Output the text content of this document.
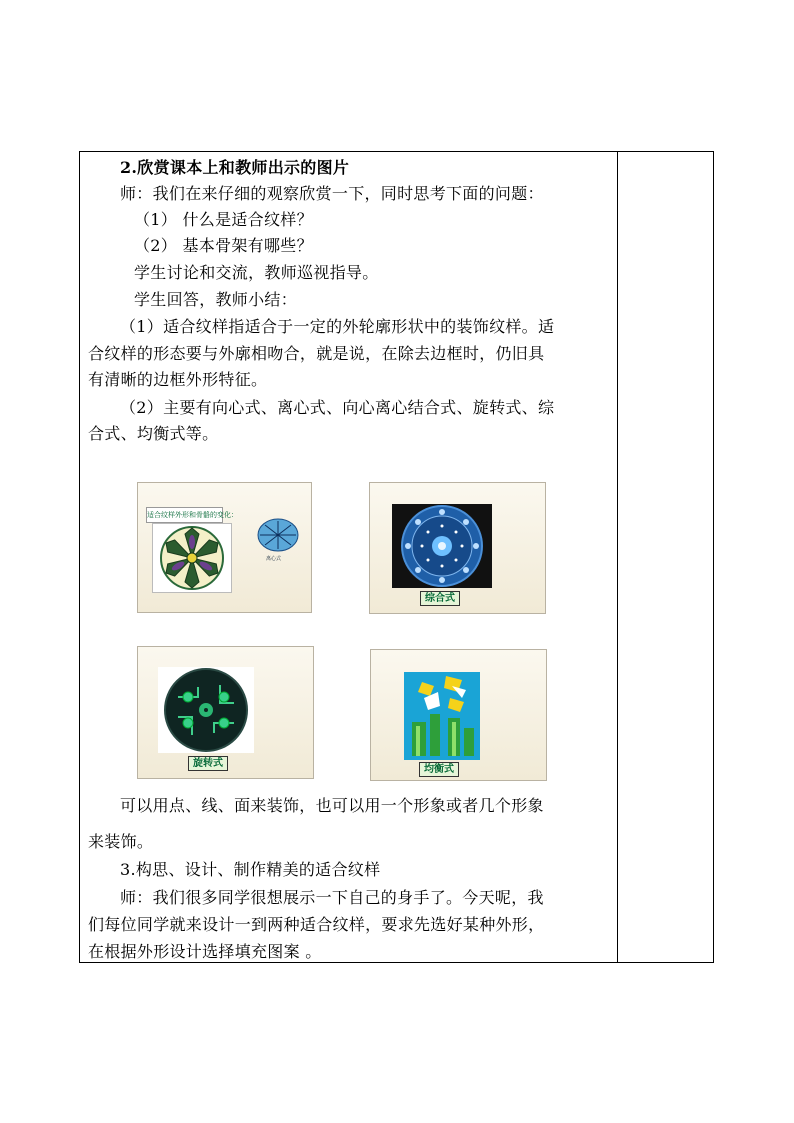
2.欣赏课本上和教师出示的图片
师：我们在来仔细的观察欣赏一下，同时思考下面的问题：
（1） 什么是适合纹样？
（2） 基本骨架有哪些？
学生讨论和交流，教师巡视指导。
学生回答，教师小结：
（1）适合纹样指适合于一定的外轮廓形状中的装饰纹样。适
合纹样的形态要与外廓相吻合，就是说，在除去边框时，仍旧具
有清晰的边框外形特征。
（2）主要有向心式、离心式、向心离心结合式、旋转式、综
合式、均衡式等。
可以用点、线、面来装饰，也可以用一个形象或者几个形象
来装饰。
3.构思、设计、制作精美的适合纹样
师：我们很多同学很想展示一下自己的身手了。今天呢，我
们每位同学就来设计一到两种适合纹样，要求先选好某种外形，
在根据外形设计选择填充图案 。
适合纹样外形和骨骼的变化：
离心式
综合式
旋转式
均衡式
